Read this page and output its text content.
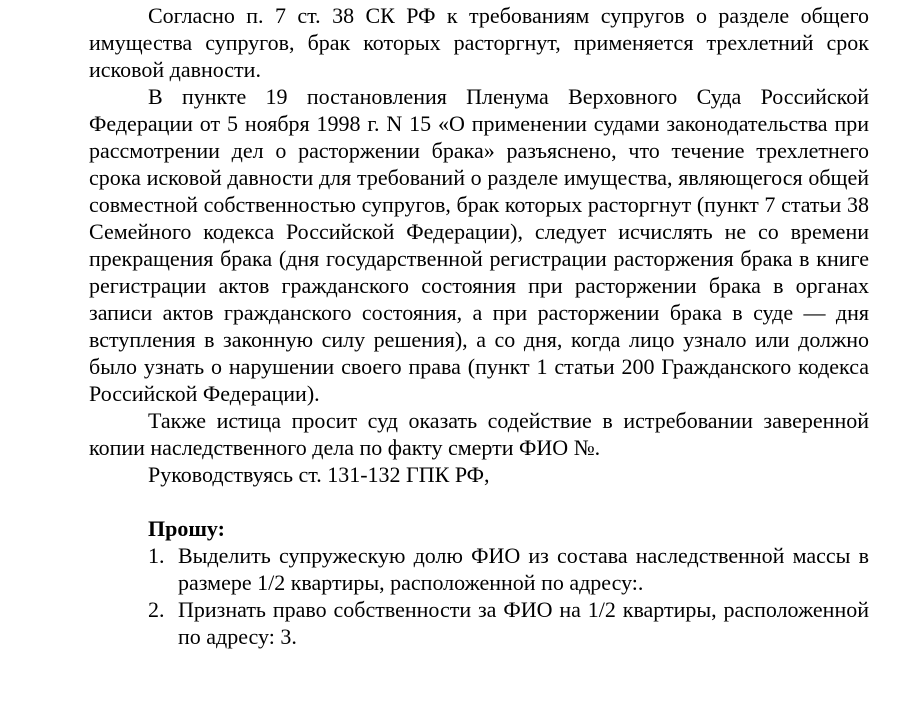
Согласно п. 7 ст. 38 СК РФ к требованиям супругов о разделе общего имущества супругов, брак которых расторгнут, применяется трехлетний срок исковой давности.

В пункте 19 постановления Пленума Верховного Суда Российской Федерации от 5 ноября 1998 г. N 15 «О применении судами законодательства при рассмотрении дел о расторжении брака» разъяснено, что течение трехлетнего срока исковой давности для требований о разделе имущества, являющегося общей совместной собственностью супругов, брак которых расторгнут (пункт 7 статьи 38 Семейного кодекса Российской Федерации), следует исчислять не со времени прекращения брака (дня государственной регистрации расторжения брака в книге регистрации актов гражданского состояния при расторжении брака в органах записи актов гражданского состояния, а при расторжении брака в суде — дня вступления в законную силу решения), а со дня, когда лицо узнало или должно было узнать о нарушении своего права (пункт 1 статьи 200 Гражданского кодекса Российской Федерации).

Также истица просит суд оказать содействие в истребовании заверенной копии наследственного дела по факту смерти ФИО №.

Руководствуясь ст. 131-132 ГПК РФ,

Прошу:

1. Выделить супружескую долю ФИО из состава наследственной массы в размере 1/2 квартиры, расположенной по адресу:.
2. Признать право собственности за ФИО на 1/2 квартиры, расположенной по адресу: 3.
